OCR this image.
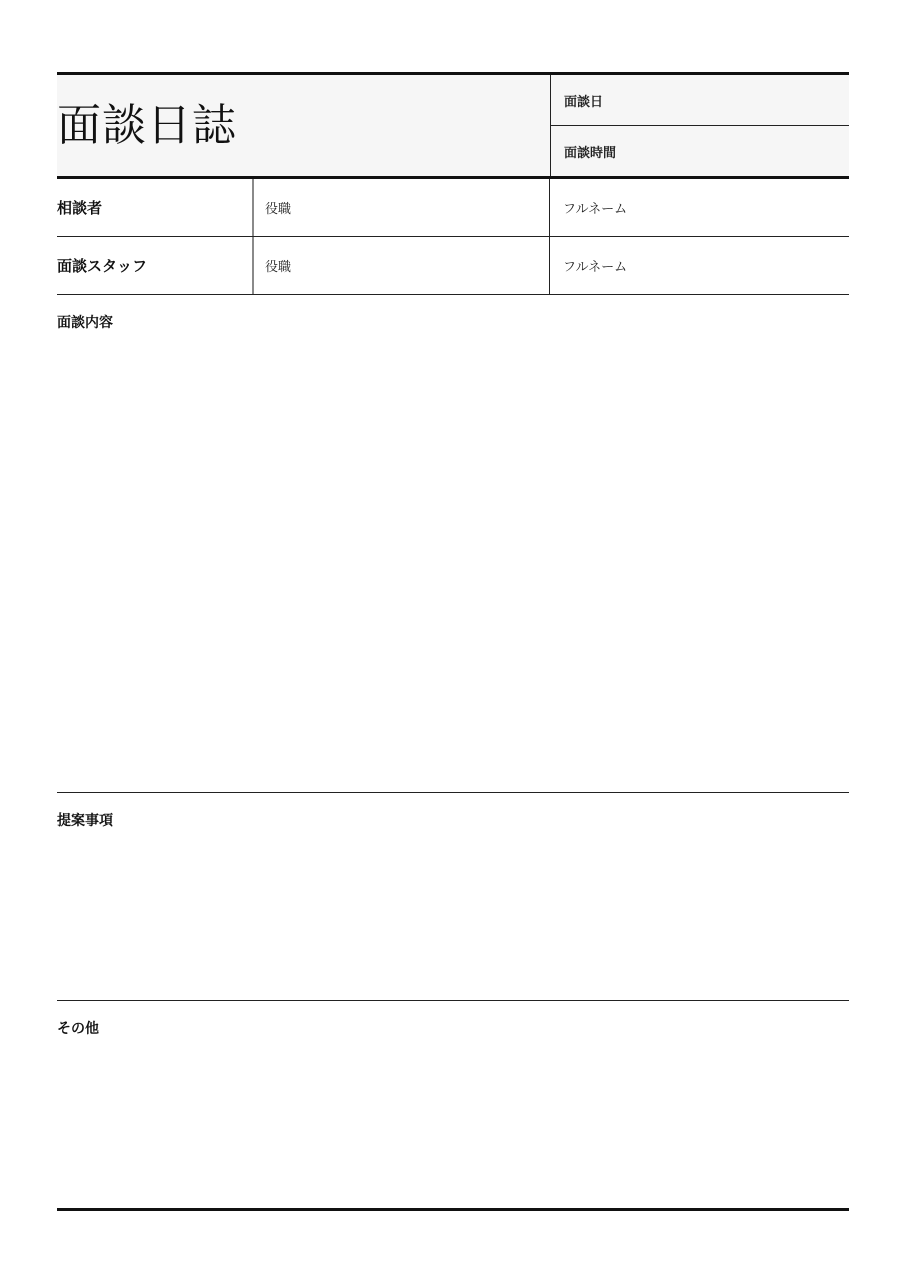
面談日誌	面談日
面談時間
相談者	役職	フルネーム
面談スタッフ	役職	フルネーム
面談内容
提案事項
その他
